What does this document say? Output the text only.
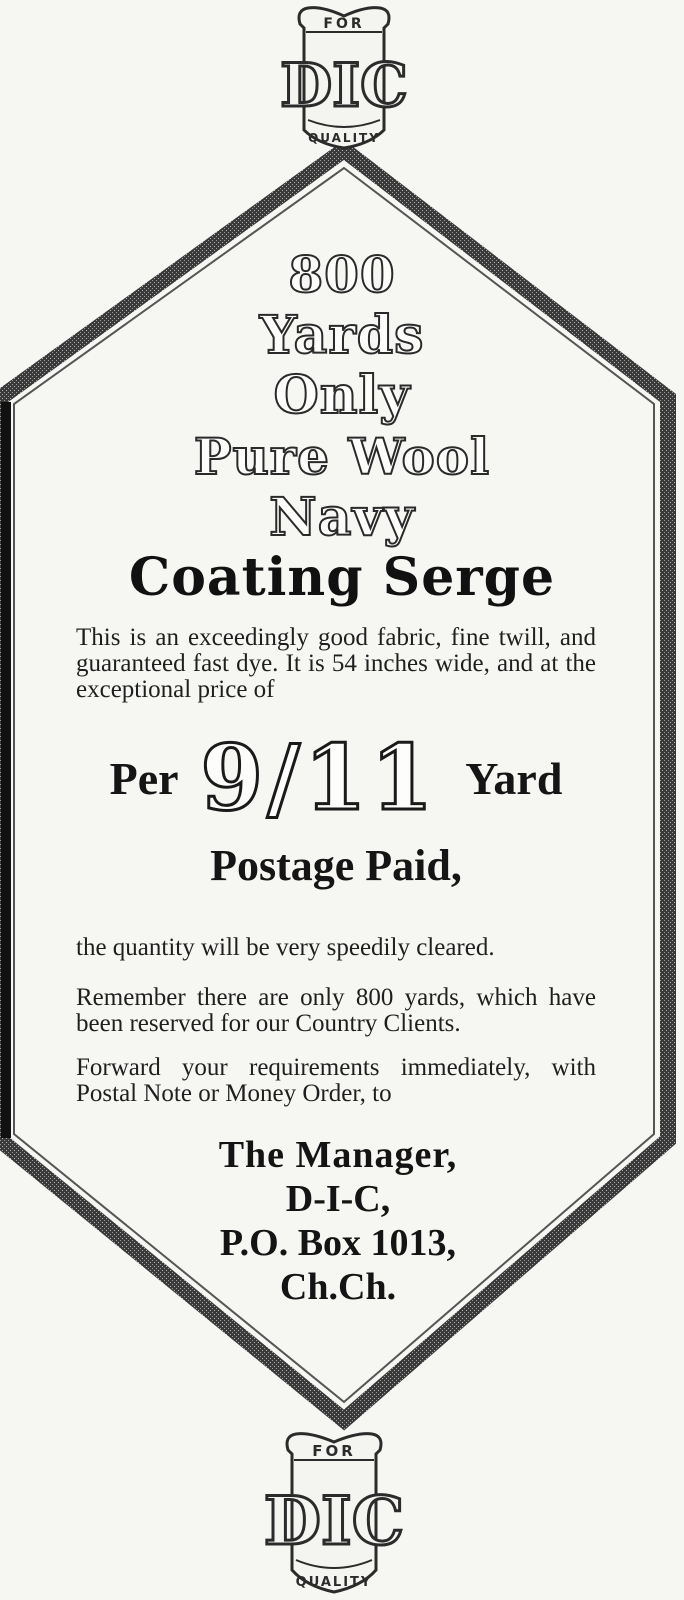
FOR
DIC
QUALITY
FOR
DIC
QUALITY
800
Yards
Only
Pure Wool
Navy
Coating Serge

This is an exceedingly good fabric, fine twill, and guaranteed fast dye. It is 54 inches wide, and at the exceptional price of

Per 9/11 Yard
Postage Paid,

the quantity will be very speedily cleared.

Remember there are only 800 yards, which have been reserved for our Country Clients.

Forward your requirements immediately, with Postal Note or Money Order, to

The Manager,
D-I-C,
P.O. Box 1013,
Ch.Ch.
